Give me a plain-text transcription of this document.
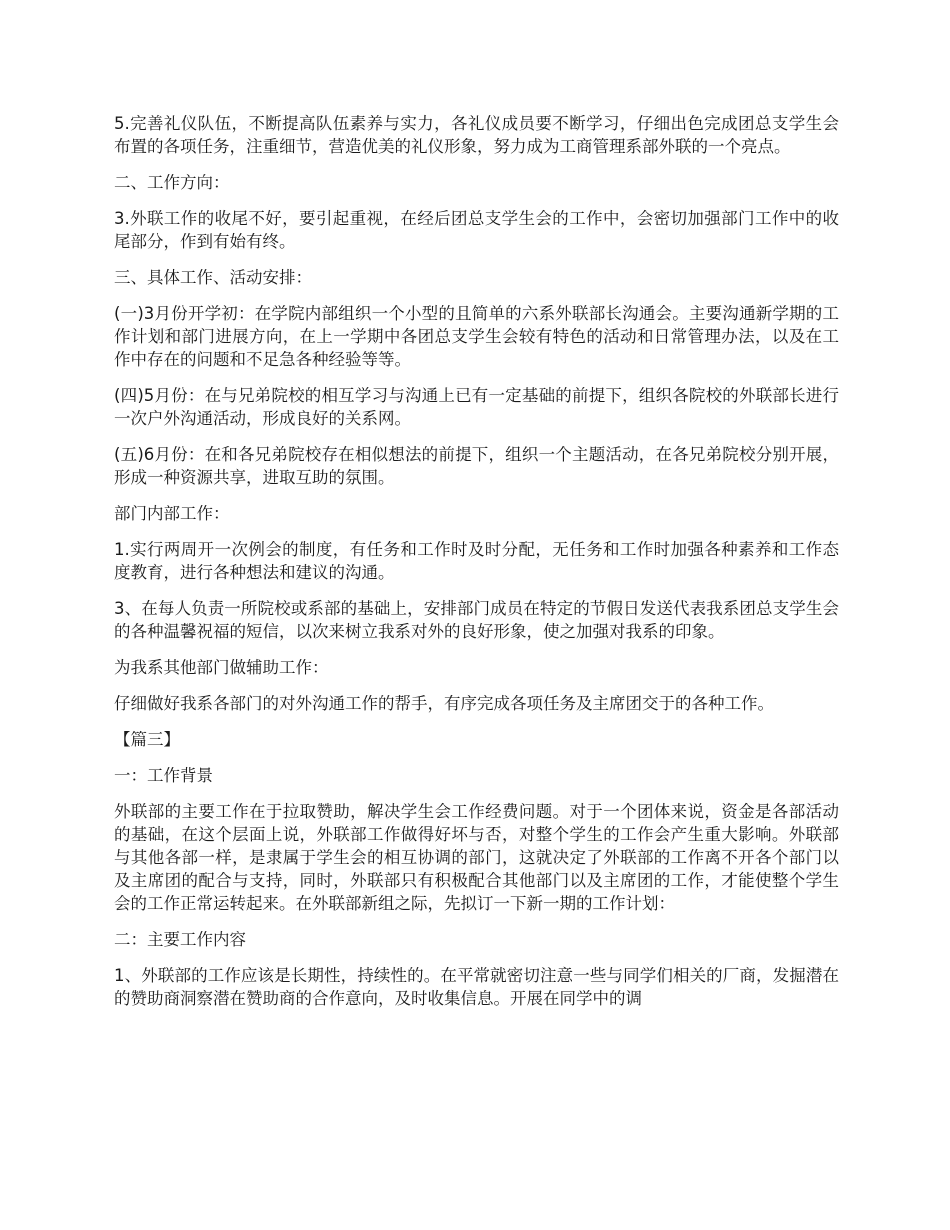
5.完善礼仪队伍，不断提高队伍素养与实力，各礼仪成员要不断学习，仔细出色完成团总支学生会布置的各项任务，注重细节，营造优美的礼仪形象，努力成为工商管理系部外联的一个亮点。

二、工作方向：

3.外联工作的收尾不好，要引起重视，在经后团总支学生会的工作中，会密切加强部门工作中的收尾部分，作到有始有终。

三、具体工作、活动安排：

(一)3月份开学初：在学院内部组织一个小型的且简单的六系外联部长沟通会。主要沟通新学期的工作计划和部门进展方向，在上一学期中各团总支学生会较有特色的活动和日常管理办法，以及在工作中存在的问题和不足急各种经验等等。

(四)5月份：在与兄弟院校的相互学习与沟通上已有一定基础的前提下，组织各院校的外联部长进行一次户外沟通活动，形成良好的关系网。

(五)6月份：在和各兄弟院校存在相似想法的前提下，组织一个主题活动，在各兄弟院校分别开展，形成一种资源共享，进取互助的氛围。

部门内部工作：

1.实行两周开一次例会的制度，有任务和工作时及时分配，无任务和工作时加强各种素养和工作态度教育，进行各种想法和建议的沟通。

3、在每人负责一所院校或系部的基础上，安排部门成员在特定的节假日发送代表我系团总支学生会的各种温馨祝福的短信，以次来树立我系对外的良好形象，使之加强对我系的印象。

为我系其他部门做辅助工作：

仔细做好我系各部门的对外沟通工作的帮手，有序完成各项任务及主席团交于的各种工作。

【篇三】

一：工作背景

外联部的主要工作在于拉取赞助，解决学生会工作经费问题。对于一个团体来说，资金是各部活动的基础，在这个层面上说，外联部工作做得好坏与否，对整个学生的工作会产生重大影响。外联部与其他各部一样，是隶属于学生会的相互协调的部门，这就决定了外联部的工作离不开各个部门以及主席团的配合与支持，同时，外联部只有积极配合其他部门以及主席团的工作，才能使整个学生会的工作正常运转起来。在外联部新组之际，先拟订一下新一期的工作计划：

二：主要工作内容

1、外联部的工作应该是长期性，持续性的。在平常就密切注意一些与同学们相关的厂商，发掘潜在的赞助商洞察潜在赞助商的合作意向，及时收集信息。开展在同学中的调
